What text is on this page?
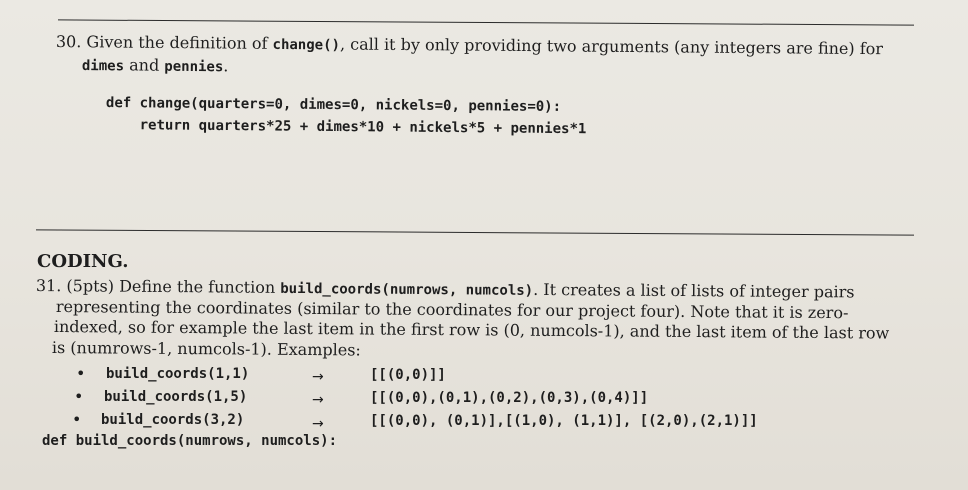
30. Given the definition of change(), call it by only providing two arguments (any integers are fine) for
dimes and pennies.
def change(quarters=0, dimes=0, nickels=0, pennies=0):
return quarters*25 + dimes*10 + nickels*5 + pennies*1
CODING.
31. (5pts) Define the function build_coords(numrows, numcols). It creates a list of lists of integer pairs
representing the coordinates (similar to the coordinates for our project four). Note that it is zero-
indexed, so for example the last item in the first row is (0, numcols-1), and the last item of the last row
is (numrows-1, numcols-1). Examples:
• build_coords(1,1)	→	[[(0,0)]]
• build_coords(1,5)	→	[[(0,0),(0,1),(0,2),(0,3),(0,4)]]
• build_coords(3,2)	→	[[(0,0), (0,1)],[(1,0), (1,1)], [(2,0),(2,1)]]
def build_coords(numrows, numcols):
